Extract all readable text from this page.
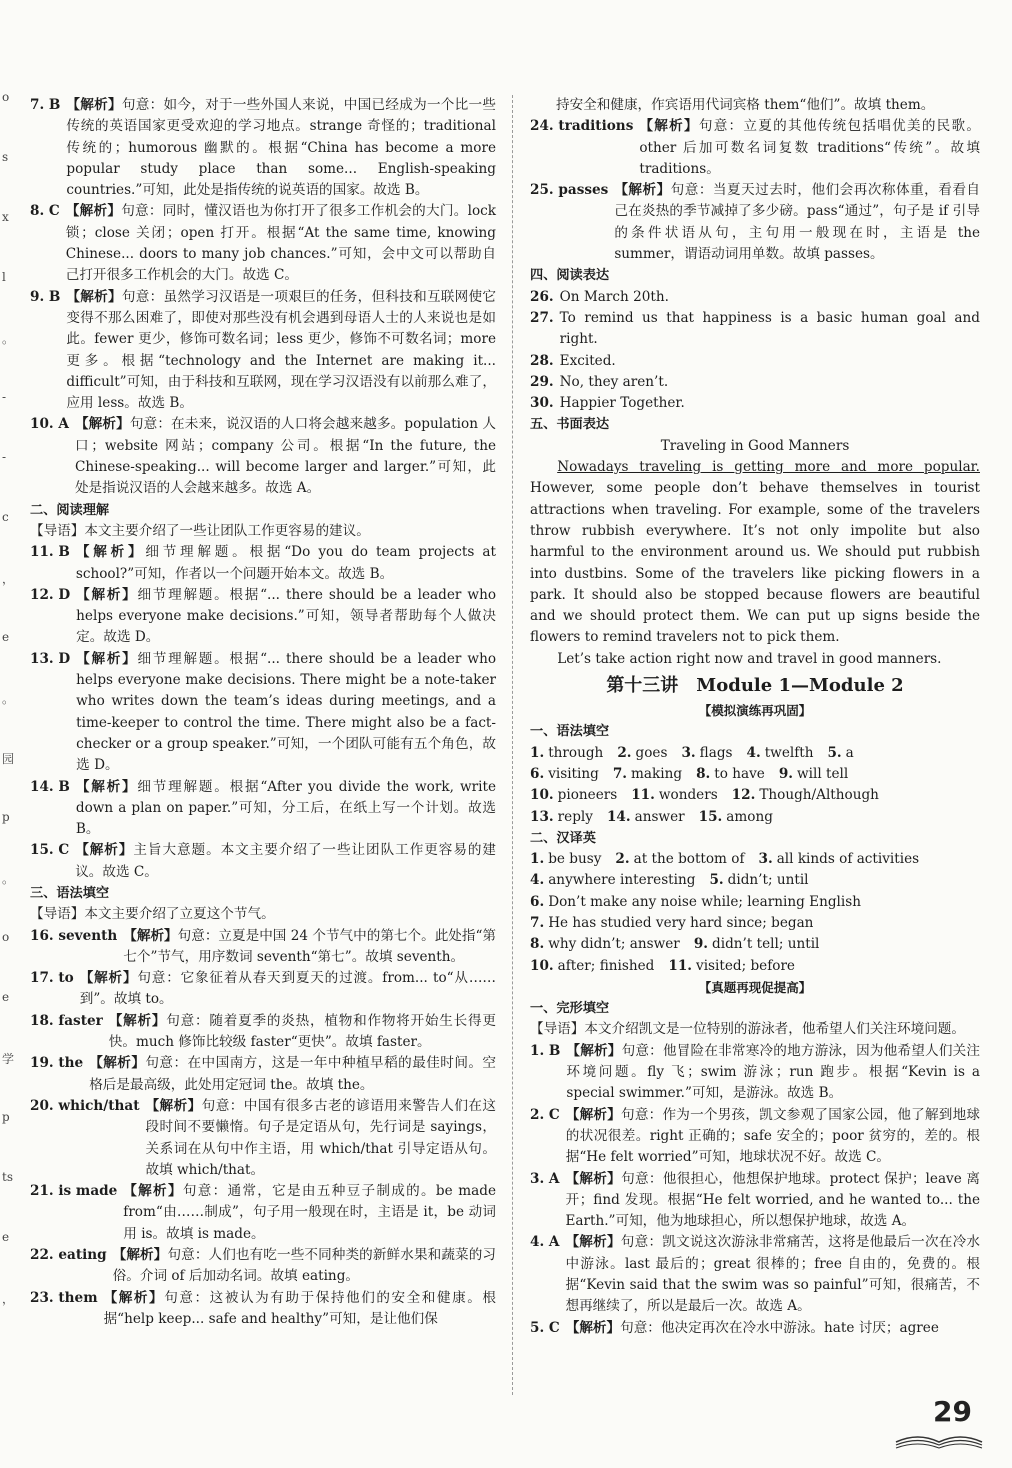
o
s
x
l
。
-
-
c
，
e
。
园
p
。
o
e
学
p
ts
e
，
7. B 【解析】句意：如今，对于一些外国人来说，中国已经成为一个比一些传统的英语国家更受欢迎的学习地点。strange 奇怪的；traditional 传统的；humorous 幽默的。根据“China has become a more popular study place than some... English-speaking countries.”可知，此处是指传统的说英语的国家。故选 B。
8. C 【解析】句意：同时，懂汉语也为你打开了很多工作机会的大门。lock 锁；close 关闭；open 打开。根据“At the same time, knowing Chinese... doors to many job chances.”可知，会中文可以帮助自己打开很多工作机会的大门。故选 C。
9. B 【解析】句意：虽然学习汉语是一项艰巨的任务，但科技和互联网使它变得不那么困难了，即使对那些没有机会遇到母语人士的人来说也是如此。fewer 更少，修饰可数名词；less 更少，修饰不可数名词；more 更多。根据“technology and the Internet are making it... difficult”可知，由于科技和互联网，现在学习汉语没有以前那么难了，应用 less。故选 B。
10. A 【解析】句意：在未来，说汉语的人口将会越来越多。population 人口；website 网站；company 公司。根据“In the future, the Chinese-speaking... will become larger and larger.”可知，此处是指说汉语的人会越来越多。故选 A。
二、阅读理解
【导语】本文主要介绍了一些让团队工作更容易的建议。
11. B 【解析】细节理解题。根据“Do you do team projects at school?”可知，作者以一个问题开始本文。故选 B。
12. D 【解析】细节理解题。根据“... there should be a leader who helps everyone make decisions.”可知，领导者帮助每个人做决定。故选 D。
13. D 【解析】细节理解题。根据“... there should be a leader who helps everyone make decisions. There might be a note-taker who writes down the team’s ideas during meetings, and a time-keeper to control the time. There might also be a fact-checker or a group speaker.”可知，一个团队可能有五个角色，故选 D。
14. B 【解析】细节理解题。根据“After you divide the work, write down a plan on paper.”可知，分工后，在纸上写一个计划。故选 B。
15. C 【解析】主旨大意题。本文主要介绍了一些让团队工作更容易的建议。故选 C。
三、语法填空
【导语】本文主要介绍了立夏这个节气。
16. seventh 【解析】句意：立夏是中国 24 个节气中的第七个。此处指“第七个”节气，用序数词 seventh“第七”。故填 seventh。
17. to 【解析】句意：它象征着从春天到夏天的过渡。from... to“从……到”。故填 to。
18. faster 【解析】句意：随着夏季的炎热，植物和作物将开始生长得更快。much 修饰比较级 faster“更快”。故填 faster。
19. the 【解析】句意：在中国南方，这是一年中种植早稻的最佳时间。空格后是最高级，此处用定冠词 the。故填 the。
20. which/that 【解析】句意：中国有很多古老的谚语用来警告人们在这段时间不要懒惰。句子是定语从句，先行词是 sayings，关系词在从句中作主语，用 which/that 引导定语从句。故填 which/that。
21. is made 【解析】句意：通常，它是由五种豆子制成的。be made from“由……制成”，句子用一般现在时，主语是 it，be 动词用 is。故填 is made。
22. eating 【解析】句意：人们也有吃一些不同种类的新鲜水果和蔬菜的习俗。介词 of 后加动名词。故填 eating。
23. them 【解析】句意：这被认为有助于保持他们的安全和健康。根据“help keep... safe and healthy”可知，是让他们保
持安全和健康，作宾语用代词宾格 them“他们”。故填 them。
24. traditions 【解析】句意：立夏的其他传统包括唱优美的民歌。other 后加可数名词复数 traditions“传统”。故填 traditions。
25. passes 【解析】句意：当夏天过去时，他们会再次称体重，看看自己在炎热的季节减掉了多少磅。pass“通过”，句子是 if 引导的条件状语从句，主句用一般现在时，主语是 the summer，谓语动词用单数。故填 passes。
四、阅读表达
26. On March 20th.
27. To remind us that happiness is a basic human goal and right.
28. Excited.
29. No, they aren’t.
30. Happier Together.
五、书面表达
Traveling in Good Manners
Nowadays traveling is getting more and more popular. However, some people don’t behave themselves in tourist attractions when traveling. For example, some of the travelers throw rubbish everywhere. It’s not only impolite but also harmful to the environment around us. We should put rubbish into dustbins. Some of the travelers like picking flowers in a park. It should also be stopped because flowers are beautiful and we should protect them. We can put up signs beside the flowers to remind travelers not to pick them.
Let’s take action right now and travel in good manners.
第十三讲　Module 1—Module 2
【模拟演练再巩固】
一、语法填空
1. through 2. goes 3. flags 4. twelfth 5. a
6. visiting 7. making 8. to have 9. will tell
10. pioneers 11. wonders 12. Though/Although
13. reply 14. answer 15. among
二、汉译英
1. be busy 2. at the bottom of 3. all kinds of activities
4. anywhere interesting 5. didn’t; until
6. Don’t make any noise while; learning English
7. He has studied very hard since; began
8. why didn’t; answer 9. didn’t tell; until
10. after; finished 11. visited; before
【真题再现促提高】
一、完形填空
【导语】本文介绍凯文是一位特别的游泳者，他希望人们关注环境问题。
1. B 【解析】句意：他冒险在非常寒冷的地方游泳，因为他希望人们关注环境问题。fly 飞；swim 游泳；run 跑步。根据“Kevin is a special swimmer.”可知，是游泳。故选 B。
2. C 【解析】句意：作为一个男孩，凯文参观了国家公园，他了解到地球的状况很差。right 正确的；safe 安全的；poor 贫穷的，差的。根据“He felt worried”可知，地球状况不好。故选 C。
3. A 【解析】句意：他很担心，他想保护地球。protect 保护；leave 离开；find 发现。根据“He felt worried, and he wanted to... the Earth.”可知，他为地球担心，所以想保护地球，故选 A。
4. A 【解析】句意：凯文说这次游泳非常痛苦，这将是他最后一次在冷水中游泳。last 最后的；great 很棒的；free 自由的，免费的。根据“Kevin said that the swim was so painful”可知，很痛苦，不想再继续了，所以是最后一次。故选 A。
5. C 【解析】句意：他决定再次在冷水中游泳。hate 讨厌；agree
29
